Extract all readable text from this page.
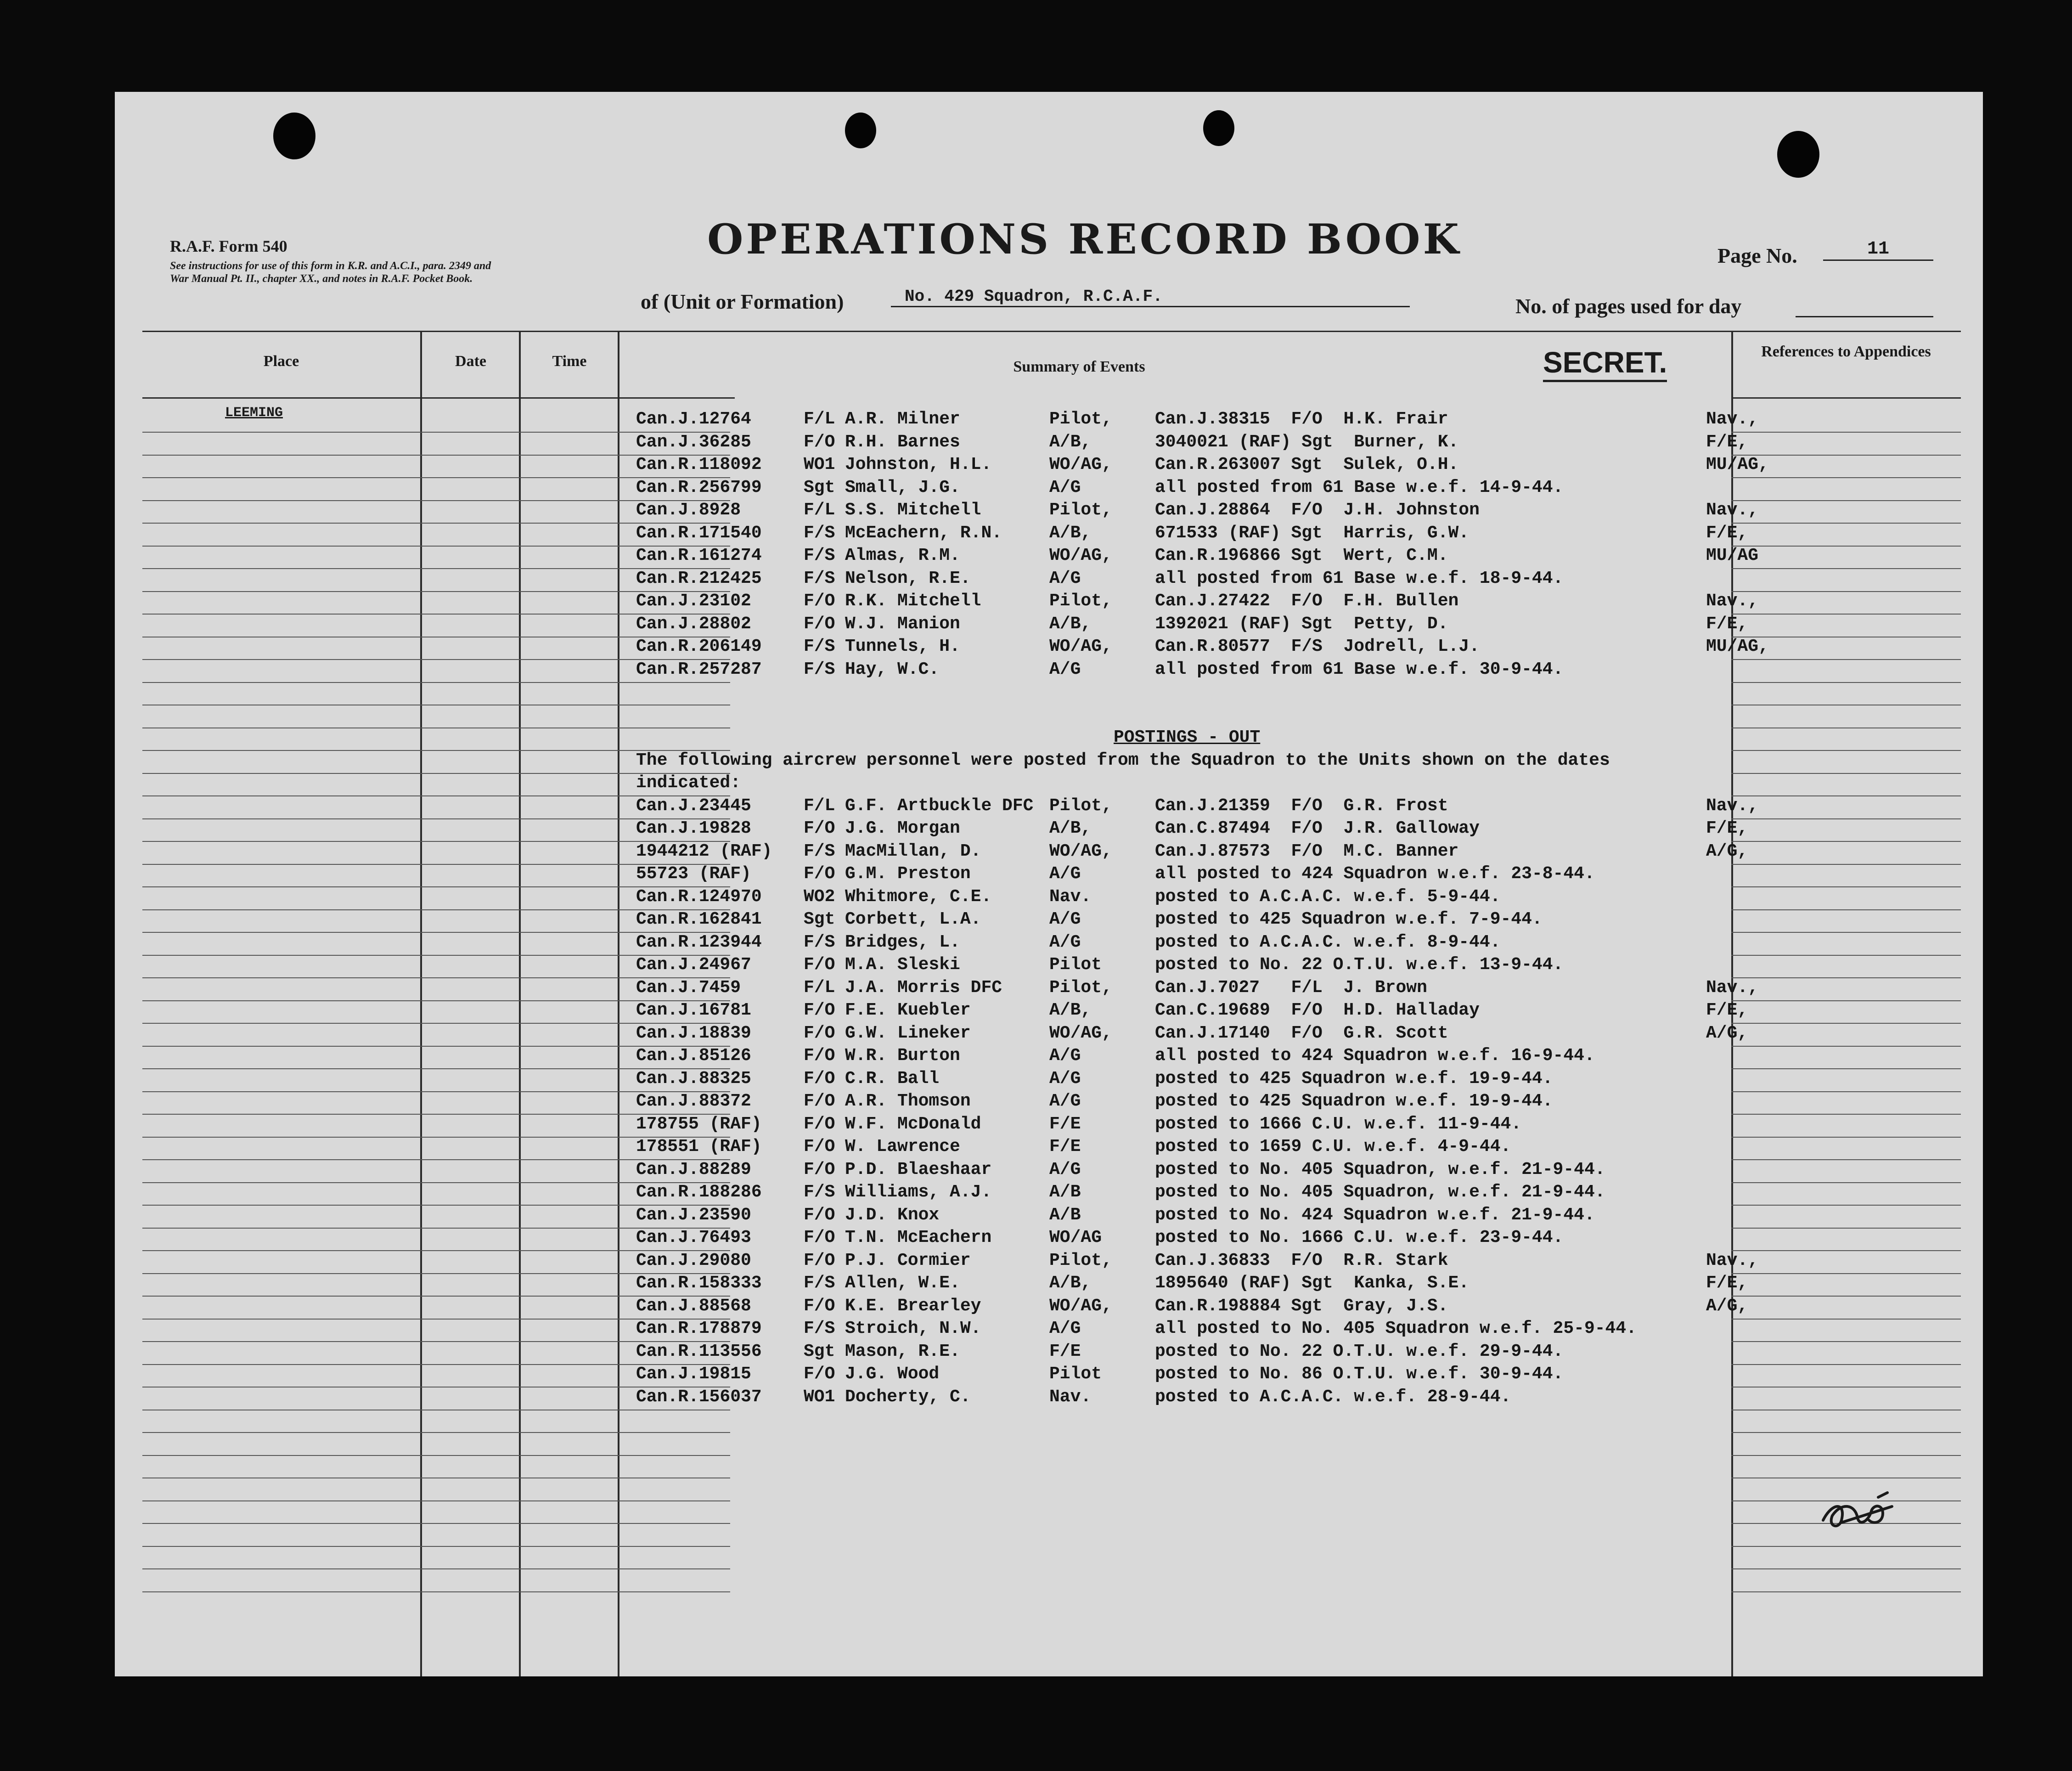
R.A.F. Form 540
See instructions for use of this form in K.R. and A.C.I., para. 2349 and War Manual Pt. II., chapter XX., and notes in R.A.F. Pocket Book.
OPERATIONS RECORD BOOK
of (Unit or Formation)	No. 429 Squadron, R.C.A.F.
Page No.	11
No. of pages used for day
Place	Date	Time	Summary of Events
References to Appendices
SECRET.
LEEMING	Can.J.12764	F/L A.R. Milner	Pilot, Can.J.38315  F/O  H.K. Frair	Nav.,
Can.J.36285	F/O R.H. Barnes	A/B,	3040021 (RAF) Sgt  Burner, K.	F/E,
Can.R.118092 WO1 Johnston, H.L.	WO/AG, Can.R.263007 Sgt  Sulek, O.H.	MU/AG,
Can.R.256799 Sgt Small, J.G.	A/G	all posted from 61 Base w.e.f. 14-9-44.
Can.J.8928	F/L S.S. Mitchell	Pilot, Can.J.28864  F/O  J.H. Johnston	Nav.,
Can.R.171540 F/S McEachern, R.N.	A/B,	671533 (RAF) Sgt  Harris, G.W.	F/E,
Can.R.161274 F/S Almas, R.M.	WO/AG, Can.R.196866 Sgt  Wert, C.M.	MU/AG
Can.R.212425 F/S Nelson, R.E.	A/G	all posted from 61 Base w.e.f. 18-9-44.
Can.J.23102	F/O R.K. Mitchell	Pilot, Can.J.27422  F/O  F.H. Bullen	Nav.,
Can.J.28802	F/O W.J. Manion	A/B,	1392021 (RAF) Sgt  Petty, D.	F/E,
Can.R.206149 F/S Tunnels, H.	WO/AG, Can.R.80577  F/S  Jodrell, L.J.	MU/AG,
Can.R.257287 F/S Hay, W.C.	A/G	all posted from 61 Base w.e.f. 30-9-44.
POSTINGS - OUT
The following aircrew personnel were posted from the Squadron to the Units shown on the dates
indicated:
Can.J.23445	F/L G.F. Artbuckle DFC Pilot, Can.J.21359  F/O  G.R. Frost	Nav.,
Can.J.19828	F/O J.G. Morgan	A/B,	Can.C.87494  F/O  J.R. Galloway	F/E,
1944212 (RAF) F/S MacMillan, D.	WO/AG, Can.J.87573  F/O  M.C. Banner	A/G,
55723 (RAF)	F/O G.M. Preston	A/G	all posted to 424 Squadron w.e.f. 23-8-44.
Can.R.124970 WO2 Whitmore, C.E.	Nav.	posted to A.C.A.C. w.e.f. 5-9-44.
Can.R.162841 Sgt Corbett, L.A.	A/G	posted to 425 Squadron w.e.f. 7-9-44.
Can.R.123944 F/S Bridges, L.	A/G	posted to A.C.A.C. w.e.f. 8-9-44.
Can.J.24967	F/O M.A. Sleski	Pilot	posted to No. 22 O.T.U. w.e.f. 13-9-44.
Can.J.7459	F/L J.A. Morris DFC	Pilot, Can.J.7027   F/L  J. Brown	Nav.,
Can.J.16781	F/O F.E. Kuebler	A/B,	Can.C.19689  F/O  H.D. Halladay	F/E,
Can.J.18839	F/O G.W. Lineker	WO/AG, Can.J.17140  F/O  G.R. Scott	A/G,
Can.J.85126	F/O W.R. Burton	A/G	all posted to 424 Squadron w.e.f. 16-9-44.
Can.J.88325	F/O C.R. Ball	A/G	posted to 425 Squadron w.e.f. 19-9-44.
Can.J.88372	F/O A.R. Thomson	A/G	posted to 425 Squadron w.e.f. 19-9-44.
178755 (RAF) F/O W.F. McDonald	F/E	posted to 1666 C.U. w.e.f. 11-9-44.
178551 (RAF) F/O W. Lawrence	F/E	posted to 1659 C.U. w.e.f. 4-9-44.
Can.J.88289	F/O P.D. Blaeshaar	A/G	posted to No. 405 Squadron, w.e.f. 21-9-44.
Can.R.188286 F/S Williams, A.J.	A/B	posted to No. 405 Squadron, w.e.f. 21-9-44.
Can.J.23590	F/O J.D. Knox	A/B	posted to No. 424 Squadron w.e.f. 21-9-44.
Can.J.76493	F/O T.N. McEachern	WO/AG	posted to No. 1666 C.U. w.e.f. 23-9-44.
Can.J.29080	F/O P.J. Cormier	Pilot, Can.J.36833  F/O  R.R. Stark	Nav.,
Can.R.158333 F/S Allen, W.E.	A/B,	1895640 (RAF) Sgt  Kanka, S.E.	F/E,
Can.J.88568	F/O K.E. Brearley	WO/AG, Can.R.198884 Sgt  Gray, J.S.	A/G,
Can.R.178879 F/S Stroich, N.W.	A/G	all posted to No. 405 Squadron w.e.f. 25-9-44.
Can.R.113556 Sgt Mason, R.E.	F/E	posted to No. 22 O.T.U. w.e.f. 29-9-44.
Can.J.19815	F/O J.G. Wood	Pilot	posted to No. 86 O.T.U. w.e.f. 30-9-44.
Can.R.156037 WO1 Docherty, C.	Nav.	posted to A.C.A.C. w.e.f. 28-9-44.
